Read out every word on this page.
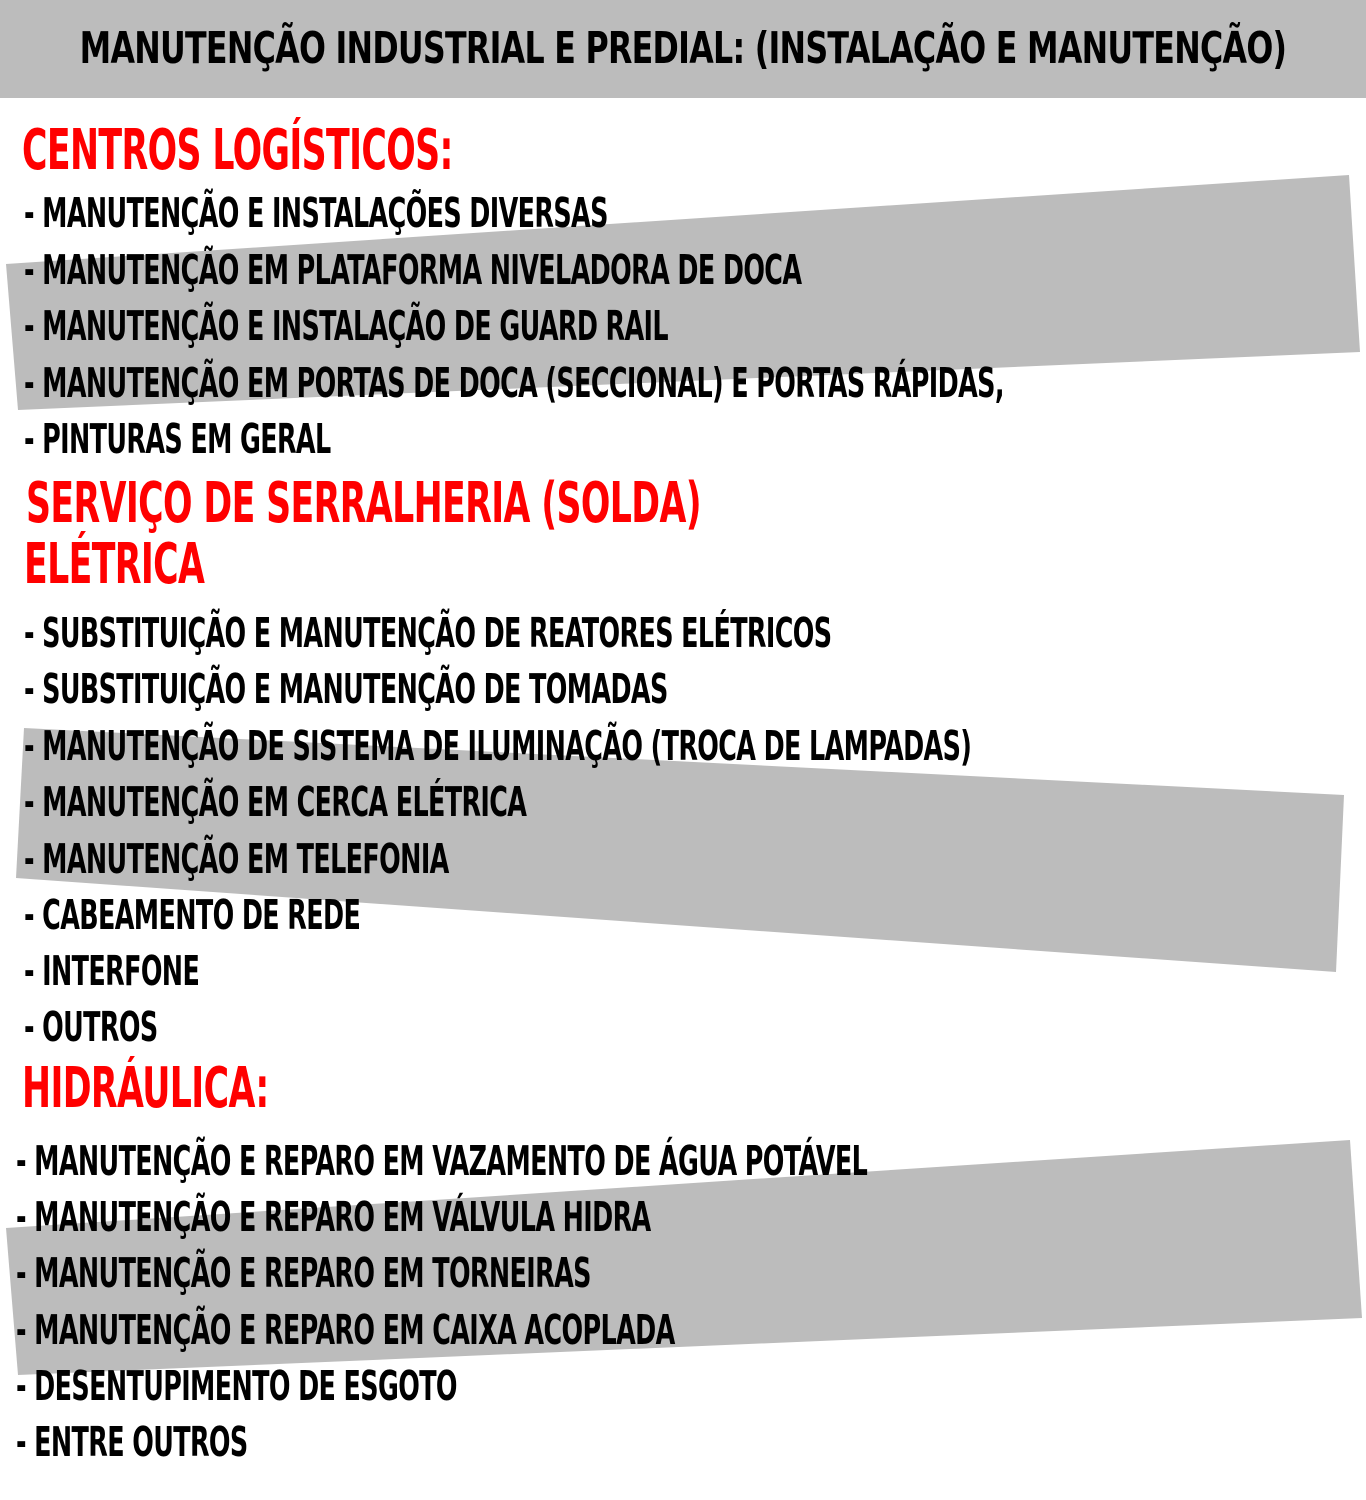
MANUTENÇÃO INDUSTRIAL E PREDIAL: (INSTALAÇÃO E MANUTENÇÃO)
CENTROS LOGÍSTICOS:
- MANUTENÇÃO E INSTALAÇÕES DIVERSAS
- MANUTENÇÃO EM PLATAFORMA NIVELADORA DE DOCA
- MANUTENÇÃO E INSTALAÇÃO DE GUARD RAIL
- MANUTENÇÃO EM PORTAS DE DOCA (SECCIONAL) E PORTAS RÁPIDAS,
- PINTURAS EM GERAL
SERVIÇO DE SERRALHERIA (SOLDA)
ELÉTRICA
- SUBSTITUIÇÃO E MANUTENÇÃO DE REATORES ELÉTRICOS
- SUBSTITUIÇÃO E MANUTENÇÃO DE TOMADAS
- MANUTENÇÃO DE SISTEMA DE ILUMINAÇÃO (TROCA DE LAMPADAS)
- MANUTENÇÃO EM CERCA ELÉTRICA
- MANUTENÇÃO EM TELEFONIA
- CABEAMENTO DE REDE
- INTERFONE
- OUTROS
HIDRÁULICA:
- MANUTENÇÃO E REPARO EM VAZAMENTO DE ÁGUA POTÁVEL
- MANUTENÇÃO E REPARO EM VÁLVULA HIDRA
- MANUTENÇÃO E REPARO EM TORNEIRAS
- MANUTENÇÃO E REPARO EM CAIXA ACOPLADA
- DESENTUPIMENTO DE ESGOTO
- ENTRE OUTROS
